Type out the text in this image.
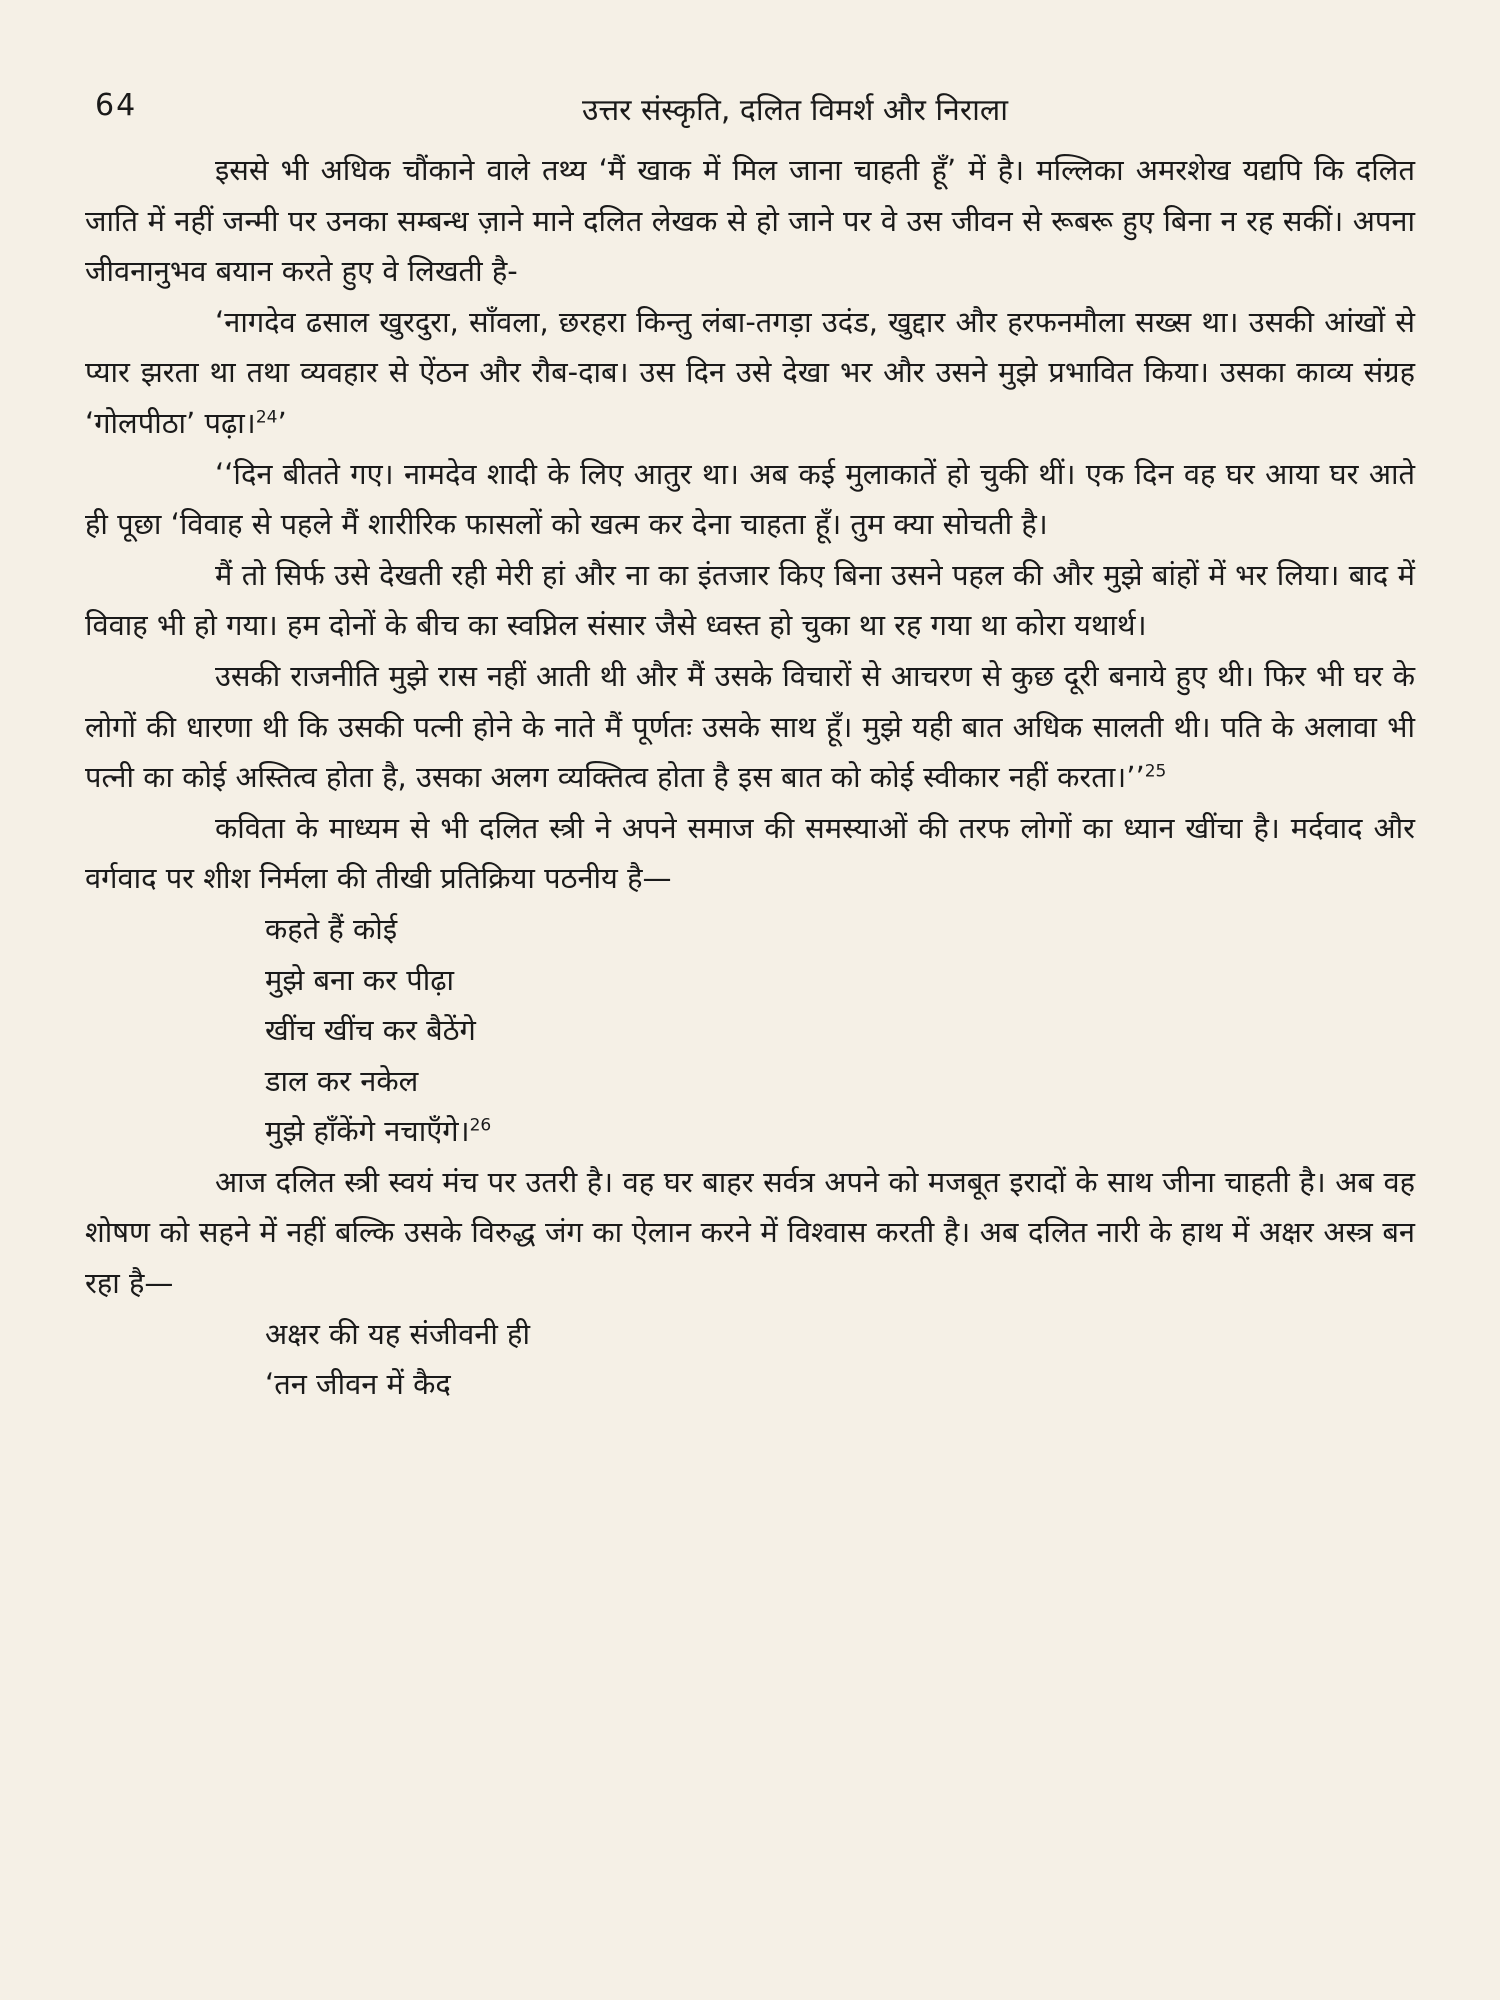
64	उत्तर संस्कृति, दलित विमर्श और निराला

इससे भी अधिक चौंकाने वाले तथ्य ‘मैं खाक में मिल जाना चाहती हूँ’ में है। मल्लिका अमरशेख यद्यपि कि दलित जाति में नहीं जन्मी पर उनका सम्बन्ध ज़ाने माने दलित लेखक से हो जाने पर वे उस जीवन से रूबरू हुए बिना न रह सकीं। अपना जीवनानुभव बयान करते हुए वे लिखती है-

‘नागदेव ढसाल खुरदुरा, साँवला, छरहरा किन्तु लंबा-तगड़ा उदंड, खुद्दार और हरफनमौला सख्स था। उसकी आंखों से प्यार झरता था तथा व्यवहार से ऐंठन और रौब-दाब। उस दिन उसे देखा भर और उसने मुझे प्रभावित किया। उसका काव्य संग्रह ‘गोलपीठा’ पढ़ा।$^{24}$’

‘‘दिन बीतते गए। नामदेव शादी के लिए आतुर था। अब कई मुलाकातें हो चुकी थीं। एक दिन वह घर आया घर आते ही पूछा ‘विवाह से पहले मैं शारीरिक फासलों को खत्म कर देना चाहता हूँ। तुम क्या सोचती है।

मैं तो सिर्फ उसे देखती रही मेरी हां और ना का इंतजार किए बिना उसने पहल की और मुझे बांहों में भर लिया। बाद में विवाह भी हो गया। हम दोनों के बीच का स्वप्निल संसार जैसे ध्वस्त हो चुका था रह गया था कोरा यथार्थ।

उसकी राजनीति मुझे रास नहीं आती थी और मैं उसके विचारों से आचरण से कुछ दूरी बनाये हुए थी। फिर भी घर के लोगों की धारणा थी कि उसकी पत्नी होने के नाते मैं पूर्णतः उसके साथ हूँ। मुझे यही बात अधिक सालती थी। पति के अलावा भी पत्नी का कोई अस्तित्व होता है, उसका अलग व्यक्तित्व होता है इस बात को कोई स्वीकार नहीं करता।’’$^{25}$

कविता के माध्यम से भी दलित स्त्री ने अपने समाज की समस्याओं की तरफ लोगों का ध्यान खींचा है। मर्दवाद और वर्गवाद पर शीश निर्मला की तीखी प्रतिक्रिया पठनीय है—

कहते हैं कोई

मुझे बना कर पीढ़ा

खींच खींच कर बैठेंगे

डाल कर नकेल

मुझे हाँकेंगे नचाएँगे।$^{26}$

आज दलित स्त्री स्वयं मंच पर उतरी है। वह घर बाहर सर्वत्र अपने को मजबूत इरादों के साथ जीना चाहती है। अब वह शोषण को सहने में नहीं बल्कि उसके विरुद्ध जंग का ऐलान करने में विश्वास करती है। अब दलित नारी के हाथ में अक्षर अस्त्र बन रहा है—

अक्षर की यह संजीवनी ही

‘तन जीवन में कैद
